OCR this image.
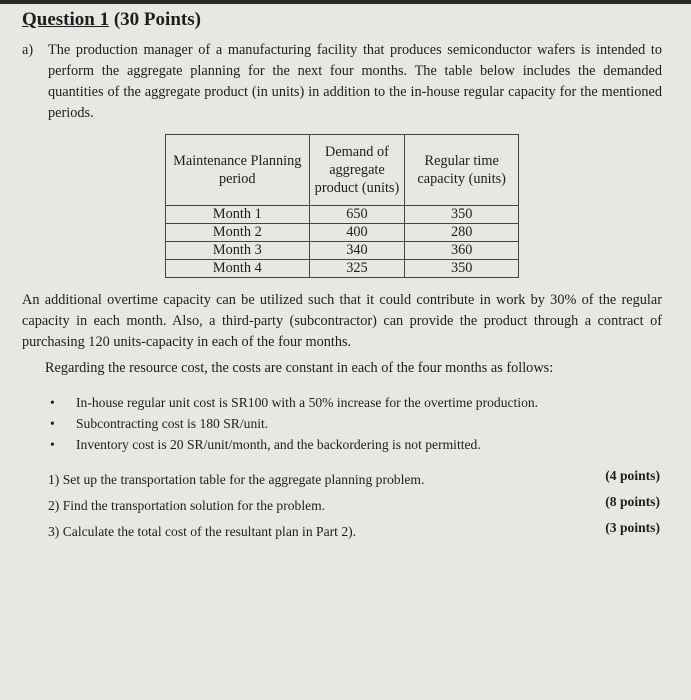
Question 1 (30 Points)
a) The production manager of a manufacturing facility that produces semiconductor wafers is intended to perform the aggregate planning for the next four months. The table below includes the demanded quantities of the aggregate product (in units) in addition to the in-house regular capacity for the mentioned periods.
Maintenance Planning period	Demand of aggregate product (units)	Regular time capacity (units)
Month 1	650	350
Month 2	400	280
Month 3	340	360
Month 4	325	350
An additional overtime capacity can be utilized such that it could contribute in work by 30% of the regular capacity in each month. Also, a third-party (subcontractor) can provide the product through a contract of purchasing 120 units-capacity in each of the four months.
Regarding the resource cost, the costs are constant in each of the four months as follows:
• In-house regular unit cost is SR100 with a 50% increase for the overtime production.
• Subcontracting cost is 180 SR/unit.
• Inventory cost is 20 SR/unit/month, and the backordering is not permitted.
1) Set up the transportation table for the aggregate planning problem.	(4 points)
2) Find the transportation solution for the problem.	(8 points)
3) Calculate the total cost of the resultant plan in Part 2).	(3 points)
